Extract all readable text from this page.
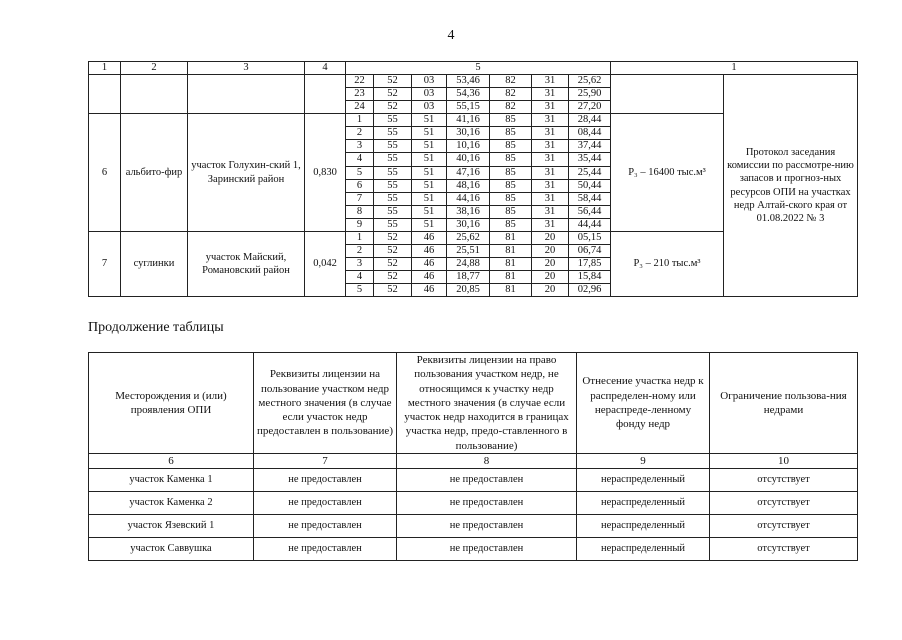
4
1	2	3	4	5							1	
				22	52	03	53,46	82	31	25,62		Протокол заседания комиссии по рассмотре-нию запасов и прогноз-ных ресурсов ОПИ на участках недр Алтай-ского края от 01.08.2022 № 3
				23	52	03	54,36	82	31	25,90		
				24	52	03	55,15	82	31	27,20		
6	альбито-фир	участок Голухин-ский 1, Заринский район	0,830	1	55	51	41,16	85	31	28,44	P₃ – 16400 тыс.м³	
				2	55	51	30,16	85	31	08,44		
				3	55	51	10,16	85	31	37,44		
				4	55	51	40,16	85	31	35,44		
				5	55	51	47,16	85	31	25,44		
				6	55	51	48,16	85	31	50,44		
				7	55	51	44,16	85	31	58,44		
				8	55	51	38,16	85	31	56,44		
				9	55	51	30,16	85	31	44,44		
7	суглинки	участок Майский, Романовский район	0,042	1	52	46	25,62	81	20	05,15	P₃ – 210 тыс.м³	
				2	52	46	25,51	81	20	06,74		
				3	52	46	24,88	81	20	17,85		
				4	52	46	18,77	81	20	15,84		
				5	52	46	20,85	81	20	02,96		
Продолжение таблицы
Месторождения и (или) проявления ОПИ	Реквизиты лицензии на пользование участком недр местного значения (в случае если участок недр предоставлен в пользование)	Реквизиты лицензии на право пользования участком недр, не относящимся к участку недр местного значения (в случае если участок недр находится в границах участка недр, предо-ставленного в пользование)	Отнесение участка недр к распределен-ному или нераспреде-ленному фонду недр	Ограничение пользова-ния недрами
6	7	8	9	10
участок Каменка 1	не предоставлен	не предоставлен	нераспределенный	отсутствует
участок Каменка 2	не предоставлен	не предоставлен	нераспределенный	отсутствует
участок Язевский 1	не предоставлен	не предоставлен	нераспределенный	отсутствует
участок Саввушка	не предоставлен	не предоставлен	нераспределенный	отсутствует
